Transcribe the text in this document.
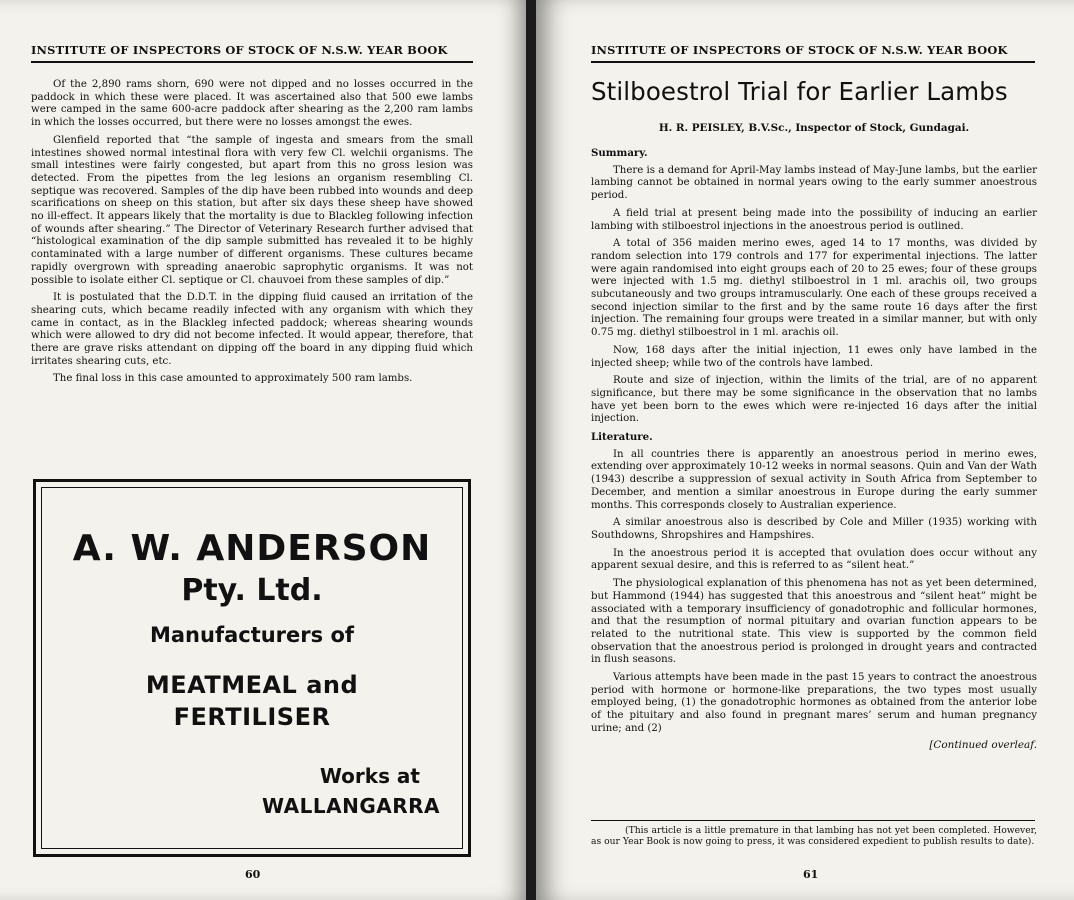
INSTITUTE OF INSPECTORS OF STOCK OF N.S.W. YEAR BOOK

Of the 2,890 rams shorn, 690 were not dipped and no losses occurred in the paddock in which these were placed. It was ascertained also that 500 ewe lambs were camped in the same 600-acre paddock after shearing as the 2,200 ram lambs in which the losses occurred, but there were no losses amongst the ewes.

Glenfield reported that “the sample of ingesta and smears from the small intestines showed normal intestinal flora with very few Cl. welchii organisms. The small intestines were fairly congested, but apart from this no gross lesion was detected. From the pipettes from the leg lesions an organism resembling Cl. septique was recovered. Samples of the dip have been rubbed into wounds and deep scarifications on sheep on this station, but after six days these sheep have showed no ill-effect. It appears likely that the mortality is due to Blackleg following infection of wounds after shearing.” The Director of Veterinary Research further advised that “histological examination of the dip sample submitted has revealed it to be highly contaminated with a large number of different organisms. These cultures became rapidly overgrown with spreading anaerobic saprophytic organisms. It was not possible to isolate either Cl. septique or Cl. chauvoei from these samples of dip.”

It is postulated that the D.D.T. in the dipping fluid caused an irritation of the shearing cuts, which became readily infected with any organism with which they came in contact, as in the Blackleg infected paddock; whereas shearing wounds which were allowed to dry did not become infected. It would appear, therefore, that there are grave risks attendant on dipping off the board in any dipping fluid which irritates shearing cuts, etc.

The final loss in this case amounted to approximately 500 ram lambs.

A. W. ANDERSON
Pty. Ltd.
Manufacturers of
MEATMEAL and
FERTILISER
Works at
WALLANGARRA
60
INSTITUTE OF INSPECTORS OF STOCK OF N.S.W. YEAR BOOK
Stilboestrol Trial for Earlier Lambs
H. R. PEISLEY, B.V.Sc., Inspector of Stock, Gundagai.
Summary.

There is a demand for April-May lambs instead of May-June lambs, but the earlier lambing cannot be obtained in normal years owing to the early summer anoestrous period.

A field trial at present being made into the possibility of inducing an earlier lambing with stilboestrol injections in the anoestrous period is outlined.

A total of 356 maiden merino ewes, aged 14 to 17 months, was divided by random selection into 179 controls and 177 for experimental injections. The latter were again randomised into eight groups each of 20 to 25 ewes; four of these groups were injected with 1.5 mg. diethyl stilboestrol in 1 ml. arachis oil, two groups subcutaneously and two groups intramuscularly. One each of these groups received a second injection similar to the first and by the same route 16 days after the first injection. The remaining four groups were treated in a similar manner, but with only 0.75 mg. diethyl stilboestrol in 1 ml. arachis oil.

Now, 168 days after the initial injection, 11 ewes only have lambed in the injected sheep; while two of the controls have lambed.

Route and size of injection, within the limits of the trial, are of no apparent significance, but there may be some significance in the observation that no lambs have yet been born to the ewes which were re-injected 16 days after the initial injection.

Literature.

In all countries there is apparently an anoestrous period in merino ewes, extending over approximately 10-12 weeks in normal seasons. Quin and Van der Wath (1943) describe a suppression of sexual activity in South Africa from September to December, and mention a similar anoestrous in Europe during the early summer months. This corresponds closely to Australian experience.

A similar anoestrous also is described by Cole and Miller (1935) working with Southdowns, Shropshires and Hampshires.

In the anoestrous period it is accepted that ovulation does occur without any apparent sexual desire, and this is referred to as “silent heat.”

The physiological explanation of this phenomena has not as yet been determined, but Hammond (1944) has suggested that this anoestrous and “silent heat” might be associated with a temporary insufficiency of gonadotrophic and follicular hormones, and that the resumption of normal pituitary and ovarian function appears to be related to the nutritional state. This view is supported by the common field observation that the anoestrous period is prolonged in drought years and contracted in flush seasons.

Various attempts have been made in the past 15 years to contract the anoestrous period with hormone or hormone-like preparations, the two types most usually employed being, (1) the gonadotrophic hormones as obtained from the anterior lobe of the pituitary and also found in pregnant mares’ serum and human pregnancy urine; and (2)

[Continued overleaf.
(This article is a little premature in that lambing has not yet been completed. However, as our Year Book is now going to press, it was considered expedient to publish results to date).
61
